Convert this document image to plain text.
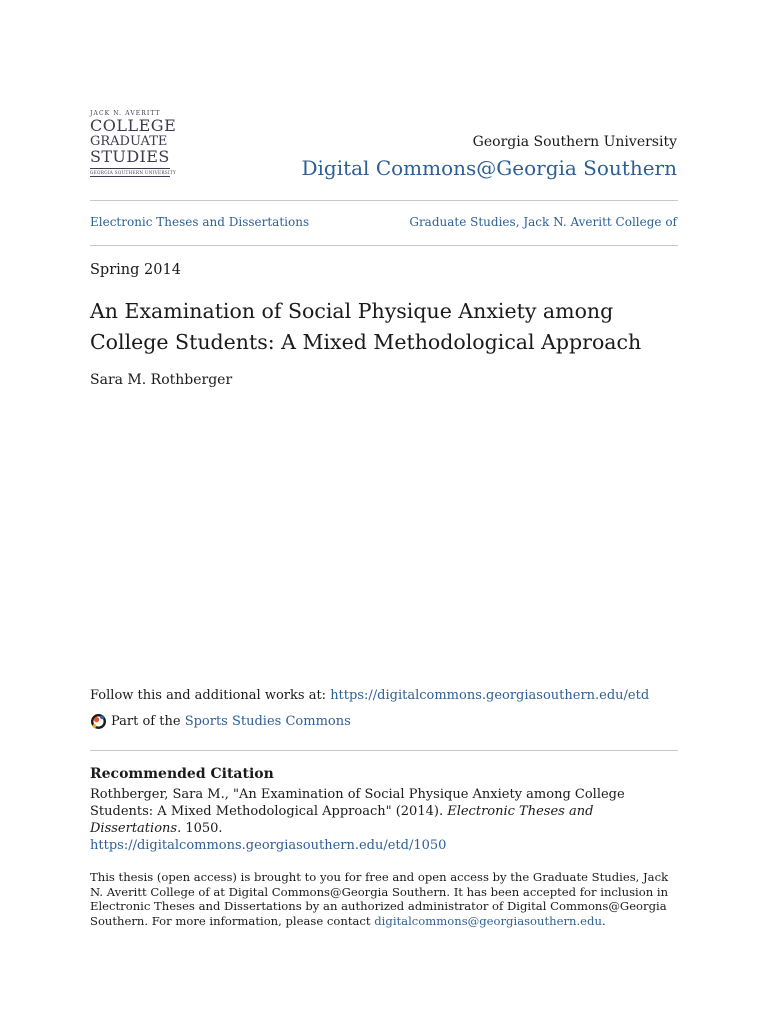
JACK N. AVERITT
COLLEGE
GRADUATE
STUDIES
GEORGIA SOUTHERN UNIVERSITY
Georgia Southern University
Digital Commons@Georgia Southern
Electronic Theses and Dissertations	Graduate Studies, Jack N. Averitt College of
Spring 2014
An Examination of Social Physique Anxiety among College Students: A Mixed Methodological Approach
Sara M. Rothberger
Follow this and additional works at: https://digitalcommons.georgiasouthern.edu/etd
Part of the Sports Studies Commons
Recommended Citation
Rothberger, Sara M., "An Examination of Social Physique Anxiety among College Students: A Mixed Methodological Approach" (2014). Electronic Theses and Dissertations. 1050.
https://digitalcommons.georgiasouthern.edu/etd/1050
This thesis (open access) is brought to you for free and open access by the Graduate Studies, Jack N. Averitt College of at Digital Commons@Georgia Southern. It has been accepted for inclusion in Electronic Theses and Dissertations by an authorized administrator of Digital Commons@Georgia Southern. For more information, please contact digitalcommons@georgiasouthern.edu.
